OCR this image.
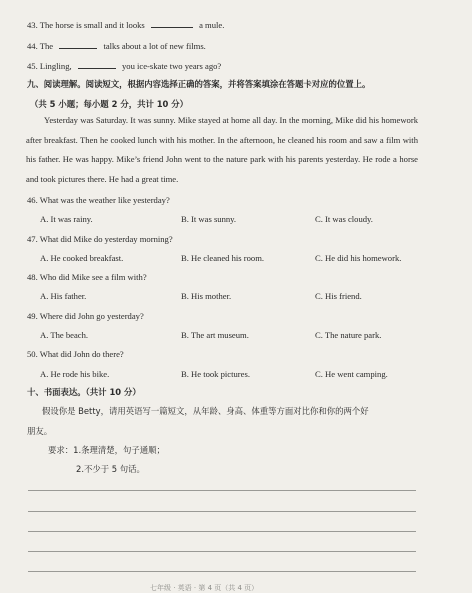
43. The horse is small and it looks	a mule.
44. The	talks about a lot of new films.
45. Lingling,	you ice-skate two years ago?
九、阅读理解。阅读短文，根据内容选择正确的答案，并将答案填涂在答题卡对应的位置上。
（共 5 小题；每小题 2 分，共计 10 分）
Yesterday was Saturday. It was sunny. Mike stayed at home all day. In the morning, Mike did his homework after breakfast. Then he cooked lunch with his mother. In the afternoon, he cleaned his room and saw a film with his father. He was happy. Mike’s friend John went to the nature park with his parents yesterday. He rode a horse and took pictures there. He had a great time.
46. What was the weather like yesterday?
A. It was rainy.	B. It was sunny.	C. It was cloudy.
47. What did Mike do yesterday morning?
A. He cooked breakfast.	B. He cleaned his room.	C. He did his homework.
48. Who did Mike see a film with?
A. His father.	B. His mother.	C. His friend.
49. Where did John go yesterday?
A. The beach.	B. The art museum.	C. The nature park.
50. What did John do there?
A. He rode his bike.	B. He took pictures.	C. He went camping.
十、书面表达。（共计 10 分）
假设你是 Betty，请用英语写一篇短文，从年龄、身高、体重等方面对比你和你的两个好
朋友。
要求：1.条理清楚，句子通顺；
2.不少于 5 句话。
七年级 · 英语 · 第 4 页（共 4 页）
